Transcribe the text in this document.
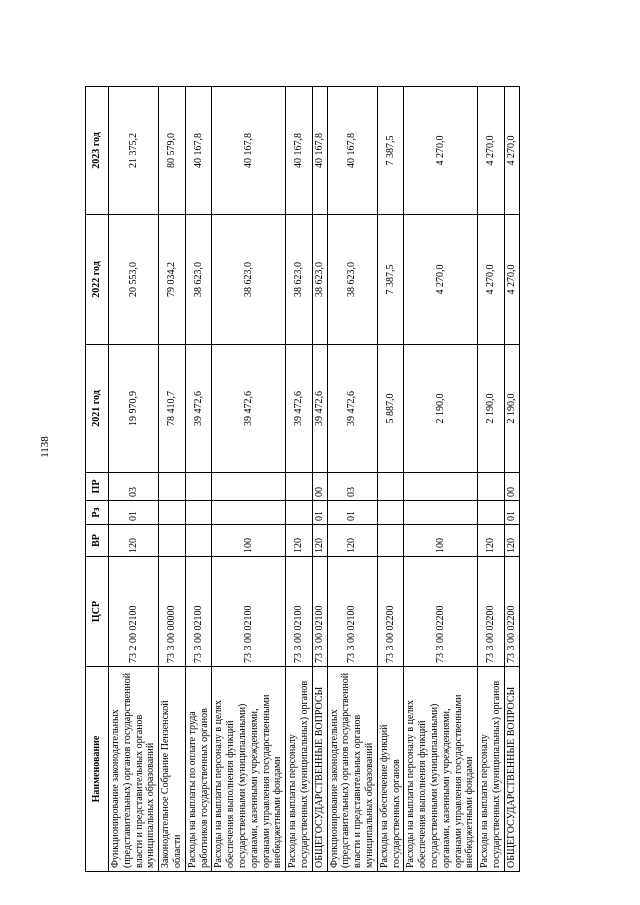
1138
Наименование	ЦСР	ВР	Рз	ПР	2021 год	2022 год	2023 год
Функционирование законодательных (представительных) органов государственной власти и представительных органов муниципальных образований	73 2 00 02100	120	01	03	19 970,9	20 553,0	21 375,2
Законодательное Собрание Пензенской области	73 3 00 00000				78 410,7	79 034,2	80 579,0
Расходы на выплаты по оплате труда работников государственных органов	73 3 00 02100				39 472,6	38 623,0	40 167,8
Расходы на выплаты персоналу в целях обеспечения выполнения функций государственными (муниципальными) органами, казенными учреждениями, органами управления государственными внебюджетными фондами	73 3 00 02100	100			39 472,6	38 623,0	40 167,8
Расходы на выплаты персоналу государственных (муниципальных) органов	73 3 00 02100	120			39 472,6	38 623,0	40 167,8
ОБЩЕГОСУДАРСТВЕННЫЕ ВОПРОСЫ	73 3 00 02100	120	01	00	39 472,6	38 623,0	40 167,8
Функционирование законодательных (представительных) органов государственной власти и представительных органов муниципальных образований	73 3 00 02100	120	01	03	39 472,6	38 623,0	40 167,8
Расходы на обеспечение функций государственных органов	73 3 00 02200				5 887,0	7 387,5	7 387,5
Расходы на выплаты персоналу в целях обеспечения выполнения функций государственными (муниципальными) органами, казенными учреждениями, органами управления государственными внебюджетными фондами	73 3 00 02200	100			2 190,0	4 270,0	4 270,0
Расходы на выплаты персоналу государственных (муниципальных) органов	73 3 00 02200	120			2 190,0	4 270,0	4 270,0
ОБЩЕГОСУДАРСТВЕННЫЕ ВОПРОСЫ	73 3 00 02200	120	01	00	2 190,0	4 270,0	4 270,0
